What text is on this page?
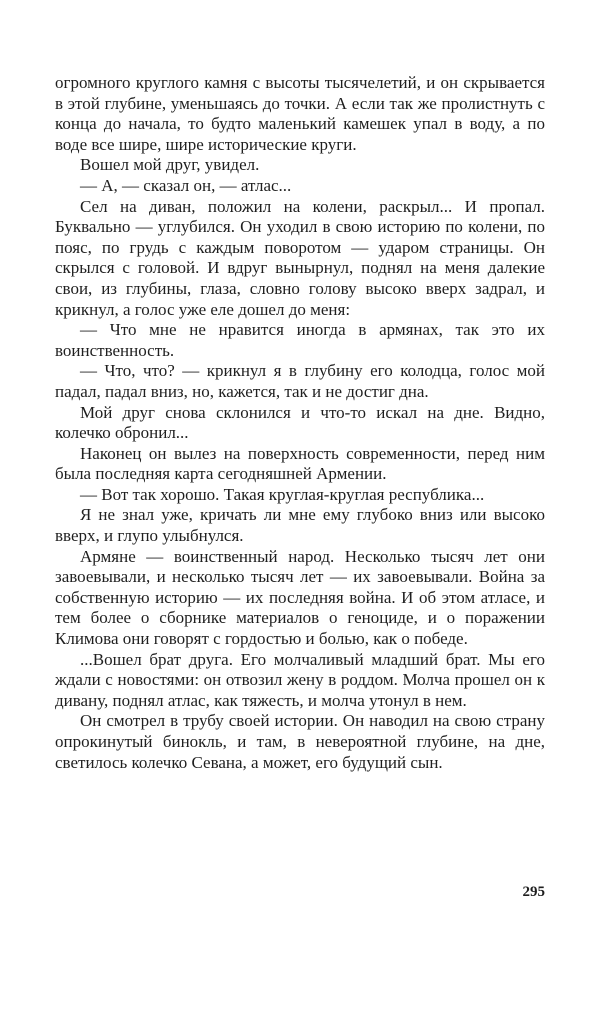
огромного круглого камня с высоты тысячелетий, и он скрывается в этой глубине, уменьшаясь до точки. А если так же пролистнуть с конца до начала, то будто маленький камешек упал в воду, а по воде все шире, шире исторические круги.

Вошел мой друг, увидел.

— А, — сказал он, — атлас...

Сел на диван, положил на колени, раскрыл... И пропал. Буквально — углубился. Он уходил в свою историю по колени, по пояс, по грудь с каждым поворотом — ударом страницы. Он скрылся с головой. И вдруг вынырнул, поднял на меня далекие свои, из глубины, глаза, словно голову высоко вверх задрал, и крикнул, а голос уже еле дошел до меня:

— Что мне не нравится иногда в армянах, так это их воинственность.

— Что, что? — крикнул я в глубину его колодца, голос мой падал, падал вниз, но, кажется, так и не достиг дна.

Мой друг снова склонился и что-то искал на дне. Видно, колечко обронил...

Наконец он вылез на поверхность современности, перед ним была последняя карта сегодняшней Армении.

— Вот так хорошо. Такая круглая-круглая республика...

Я не знал уже, кричать ли мне ему глубоко вниз или высоко вверх, и глупо улыбнулся.

Армяне — воинственный народ. Несколько тысяч лет они завоевывали, и несколько тысяч лет — их завоевывали. Война за собственную историю — их последняя война. И об этом атласе, и тем более о сборнике материалов о геноциде, и о поражении Климова они говорят с гордостью и болью, как о победе.

...Вошел брат друга. Его молчаливый младший брат. Мы его ждали с новостями: он отвозил жену в роддом. Молча прошел он к дивану, поднял атлас, как тяжесть, и молча утонул в нем.

Он смотрел в трубу своей истории. Он наводил на свою страну опрокинутый бинокль, и там, в невероятной глубине, на дне, светилось колечко Севана, а может, его будущий сын.

295
